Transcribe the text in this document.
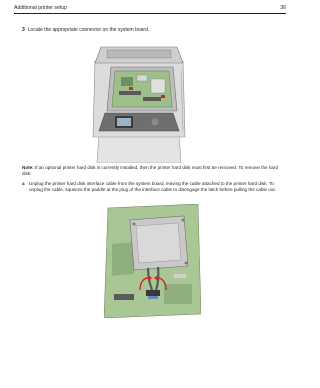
Additional printer setup	36
3 Locate the appropriate connector on the system board.
Note: If an optional printer hard disk is currently installed, then the printer hard disk must first be removed. To remove the hard disk:
a Unplug the printer hard disk interface cable from the system board, leaving the cable attached to the printer hard disk. To unplug the cable, squeeze the paddle at the plug of the interface cable to disengage the latch before pulling the cable out.
